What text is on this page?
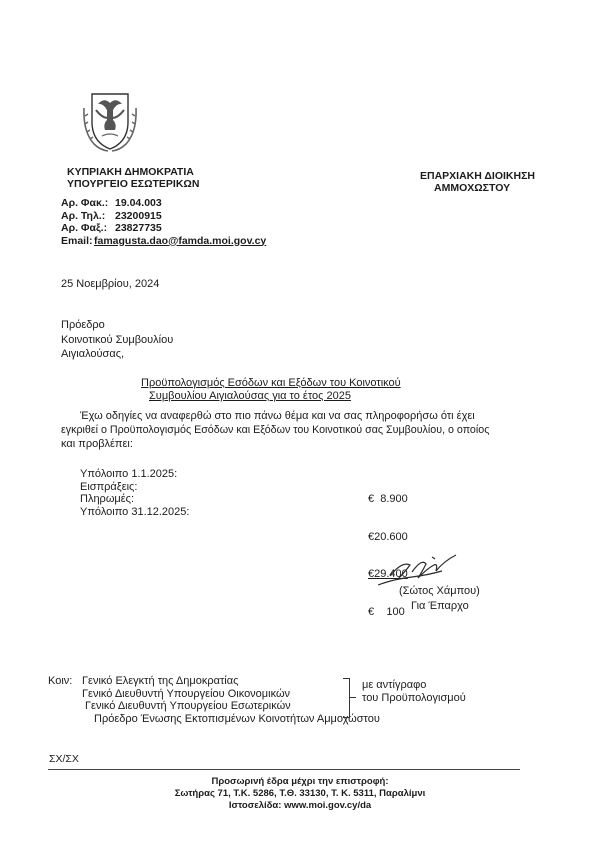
ΚΥΠΡΙΑΚΗ ΔΗΜΟΚΡΑΤΙΑ
ΥΠΟΥΡΓΕΙΟ ΕΣΩΤΕΡΙΚΩΝ
ΕΠΑΡΧΙΑΚΗ ΔΙΟΙΚΗΣΗ
ΑΜΜΟΧΩΣΤΟΥ
Αρ. Φακ.: 19.04.003
Αρ. Τηλ.: 23200915
Αρ. Φαξ.: 23827735
Email: famagusta.dao@famda.moi.gov.cy
25 Νοεμβρίου, 2024
Πρόεδρο
Κοινοτικού Συμβουλίου
Αιγιαλούσας,
Προϋπολογισμός Εσόδων και Εξόδων του Κοινοτικού
Συμβουλίου Αιγιαλούσας για το έτος 2025
Έχω οδηγίες να αναφερθώ στο πιο πάνω θέμα και να σας πληροφορήσω ότι έχει
εγκριθεί ο Προϋπολογισμός Εσόδων και Εξόδων του Κοινοτικού σας Συμβουλίου, ο οποίος
και προβλέπει:
Υπόλοιπο 1.1.2025:
Εισπράξεις:
Πληρωμές:
Υπόλοιπο 31.12.2025:

€  8.900

€20.600

€29.400

€    100

(Σώτος Χάμπου)
Για Έπαρχο
Κοιν: Γενικό Ελεγκτή της Δημοκρατίας
Γενικό Διευθυντή Υπουργείου Οικονομικών
Γενικό Διευθυντή Υπουργείου Εσωτερικών
Πρόεδρο Ένωσης Εκτοπισμένων Κοινοτήτων Αμμοχώστου
με αντίγραφο
του Προϋπολογισμού
ΣΧ/ΣΧ
Προσωρινή έδρα μέχρι την επιστροφή:
Σωτήρας 71, Τ.Κ. 5286, Τ.Θ. 33130, Τ. Κ. 5311, Παραλίμνι
Ιστοσελίδα: www.moi.gov.cy/da
